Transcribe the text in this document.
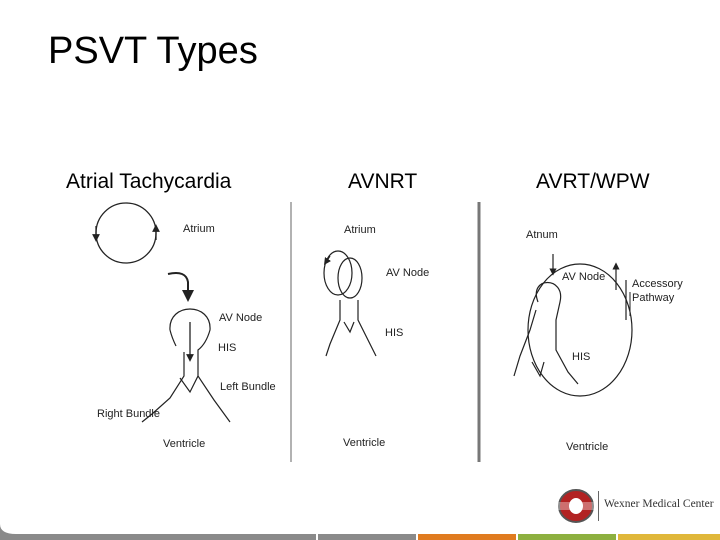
PSVT Types
Atrial Tachycardia	AVNRT	AVRT/WPW
Atrium
AV Node
HIS
Left Bundle
Right Bundle
Ventricle
Atrium
AV Node
HIS
Ventricle
Atnum
AV Node
Accessory
Pathway
HIS
Ventricle
Wexner Medical Center
